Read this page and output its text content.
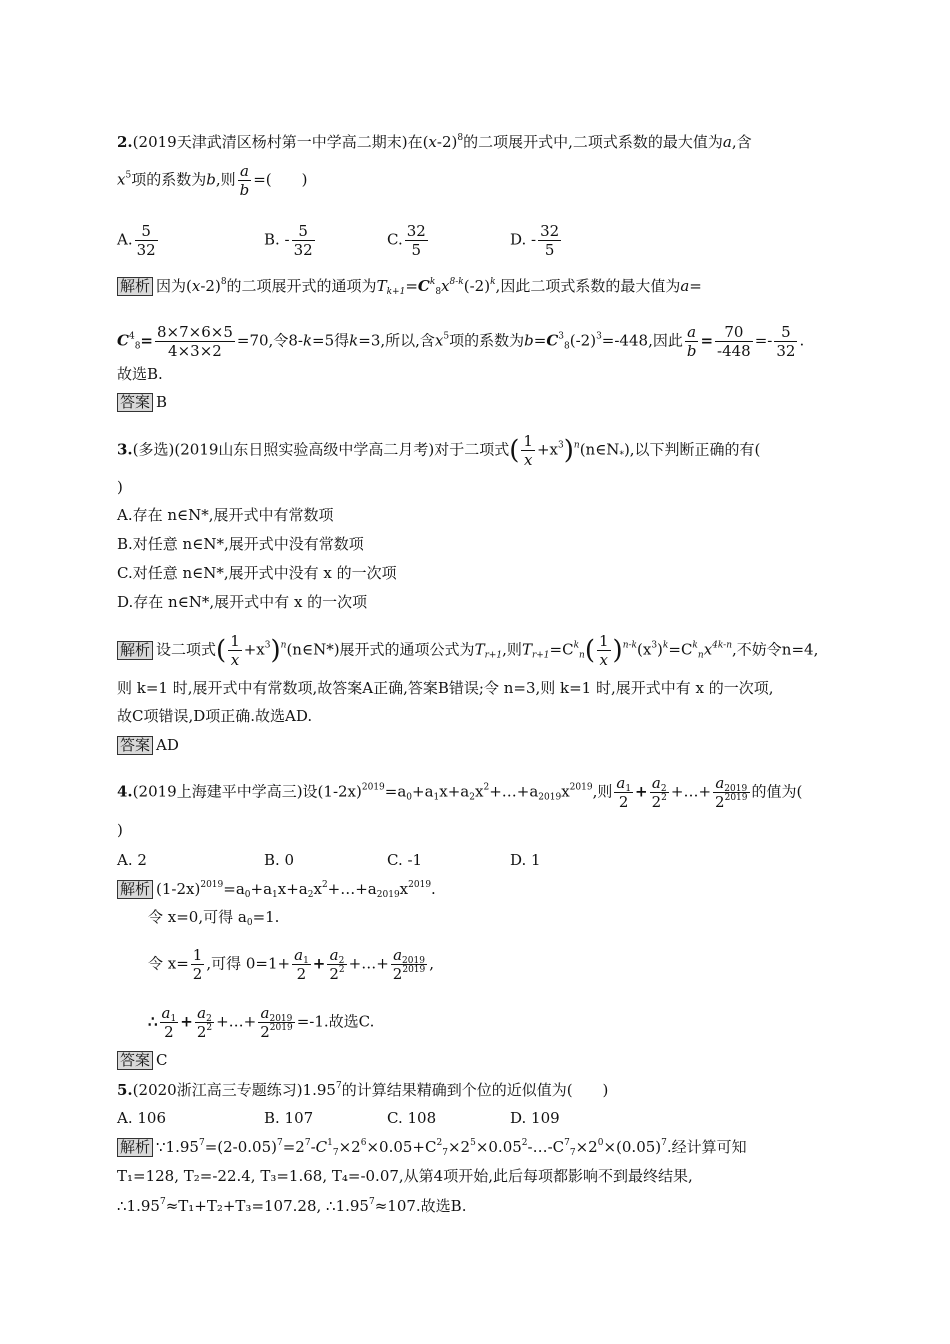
2.(2019天津武清区杨村第一中学高二期末)在$(x-2)^8$的二项展开式中,二项式系数的最大值为a,含
$x^5$项的系数为b,则 $\frac{a}{b}$ =(　　)
A. $\frac{5}{32}$	B. - $\frac{5}{32}$	C. $\frac{32}{5}$	D. - $\frac{32}{5}$
解析 因为$(x-2)^8$的二项展开式的通项为$T_{k+1}=C^k_8x^{8-k}(-2)^k$,因此二项式系数的最大值为a=
$C^4_8= \frac{8\times 7\times 6\times 5}{4\times 3\times 2} =70$,令8-k=5得k=3,所以,含$x^5$项的系数为$b=C^3_8(-2)^3=-448$,因此 $\frac{a}{b} = \frac{70}{-448} =- \frac{5}{32}$ .
故选B.
答案 B
3.(多选)(2019山东日照实验高级中学高二月考)对于二项式( $\frac{1}{x}$ $+x^3)^n(n\in N_*)$,以下判断正确的有(
)
A.存在 n∈N*,展开式中有常数项
B.对任意 n∈N*,展开式中没有常数项
C.对任意 n∈N*,展开式中没有 x 的一次项
D.存在 n∈N*,展开式中有 x 的一次项
解析 设二项式( $\frac{1}{x}$ $+x^3)^n(n\in N*)$展开式的通项公式为$T_{r+1}$,则$T_{r+1}=C^k_n( \frac{1}{x} )^{n-k}(x^3)^k=C^k_nx^{4k-n}$,不妨令n=4,
则 k=1 时,展开式中有常数项,故答案A正确,答案B错误;令 n=3,则 k=1 时,展开式中有 x 的一次项,
故C项错误,D项正确.故选AD.
答案 AD
4.(2019上海建平中学高三)设$(1-2x)^{2019}=a_0+a_1x+a_2x^2+\dots+a_{2019}x^{2019}$,则 $\frac{a_1}{2} + \frac{a_2}{2^2}$ +…+ $\frac{a_{2019}}{2^{2019}}$ 的值为(
)
A. 2	B. 0	C. -1	D. 1
解析 $(1-2x)^{2019}=a_0+a_1x+a_2x^2+\dots+a_{2019}x^{2019}$.
令 x=0,可得 $a_0=1$.
令 $x= \frac{1}{2}$ ,可得 $0=1+ \frac{a_1}{2} + \frac{a_2}{2^2}$ +…+ $\frac{a_{2019}}{2^{2019}}$ ,
∴ $\frac{a_1}{2} + \frac{a_2}{2^2}$ +…+ $\frac{a_{2019}}{2^{2019}} =-1$.故选C.
答案 C
5.(2020浙江高三专题练习)1.95$^7$的计算结果精确到个位的近似值为(　　)
A. 106	B. 107	C. 108	D. 109
解析 $\because 1.95^7=(2-0.05)^7=2^7-C^1_7\times 2^6\times 0.05+C^2_7\times 2^5\times 0.05^2-\dots-C^7_7\times 2^0\times(0.05)^7$.经计算可知
T₁=128, T₂=-22.4, T₃=1.68, T₄=-0.07,从第4项开始,此后每项都影响不到最终结果,
$\therefore 1.95^7\approx T_1+T_2+T_3=107.28$, $\therefore 1.95^7\approx 107$.故选B.
